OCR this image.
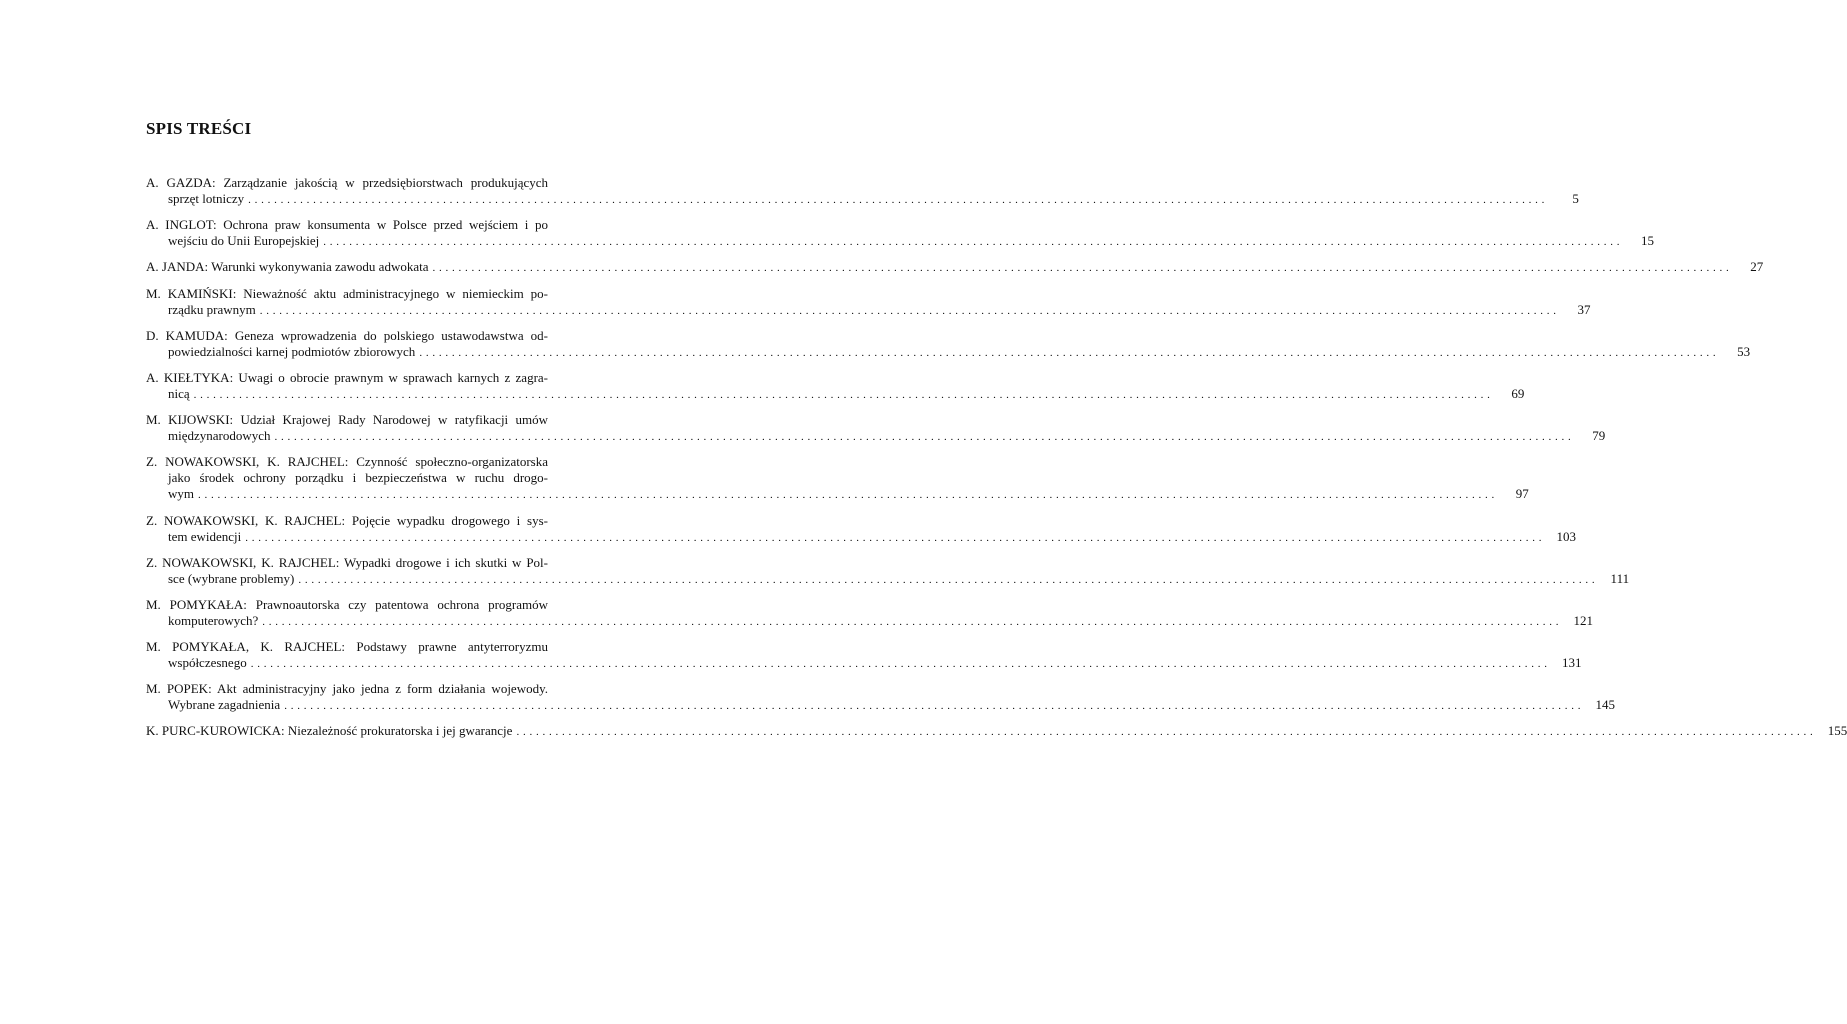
SPIS TREŚCI
A. GAZDA: Zarządzanie jakością w przedsiębiorstwach produkujących
sprzęt lotniczy . . . . . . . . . . . . . . . . . . . . . . . . . . . . . . . . . . . . . . . . . . . . . . . . . . . . . . . . . . . . . . . . . . . . . . . . . . . . . . . . . . . . . . . . . . . . . . . . . . . . . . . . . . . . . . . . . . . . . . . . . . . . . . . . . . . . . . . . . . . . . . . . . . . . . . . . . . . . . . . . . . . . . . . . . . . . . . . . . . . . . . . . . . . . . . . . . . . . . . . .	5
A. INGLOT: Ochrona praw konsumenta w Polsce przed wejściem i po
wejściu do Unii Europejskiej . . . . . . . . . . . . . . . . . . . . . . . . . . . . . . . . . . . . . . . . . . . . . . . . . . . . . . . . . . . . . . . . . . . . . . . . . . . . . . . . . . . . . . . . . . . . . . . . . . . . . . . . . . . . . . . . . . . . . . . . . . . . . . . . . . . . . . . . . . . . . . . . . . . . . . . . . . . . . . . . . . . . . . . . . . . . . . . . . . . . . . . . . . . . . . . . . . . . . . . .	15
A. JANDA: Warunki wykonywania zawodu adwokata . . . . . . . . . . . . . . . . . . . . . . . . . . . . . . . . . . . . . . . . . . . . . . . . . . . . . . . . . . . . . . . . . . . . . . . . . . . . . . . . . . . . . . . . . . . . . . . . . . . . . . . . . . . . . . . . . . . . . . . . . . . . . . . . . . . . . . . . . . . . . . . . . . . . . . . . . . . . . . . . . . . . . . . . . . . . . . . . . . . . . . . . . . . . . . . . . . . . . . . .	27
M. KAMIŃSKI: Nieważność aktu administracyjnego w niemieckim po-
rządku prawnym . . . . . . . . . . . . . . . . . . . . . . . . . . . . . . . . . . . . . . . . . . . . . . . . . . . . . . . . . . . . . . . . . . . . . . . . . . . . . . . . . . . . . . . . . . . . . . . . . . . . . . . . . . . . . . . . . . . . . . . . . . . . . . . . . . . . . . . . . . . . . . . . . . . . . . . . . . . . . . . . . . . . . . . . . . . . . . . . . . . . . . . . . . . . . . . . . . . . . . . .	37
D. KAMUDA: Geneza wprowadzenia do polskiego ustawodawstwa od-
powiedzialności karnej podmiotów zbiorowych . . . . . . . . . . . . . . . . . . . . . . . . . . . . . . . . . . . . . . . . . . . . . . . . . . . . . . . . . . . . . . . . . . . . . . . . . . . . . . . . . . . . . . . . . . . . . . . . . . . . . . . . . . . . . . . . . . . . . . . . . . . . . . . . . . . . . . . . . . . . . . . . . . . . . . . . . . . . . . . . . . . . . . . . . . . . . . . . . . . . . . . . . . . . . . . . . . . . . . . .	53
A. KIEŁTYKA: Uwagi o obrocie prawnym w sprawach karnych z zagra-
nicą . . . . . . . . . . . . . . . . . . . . . . . . . . . . . . . . . . . . . . . . . . . . . . . . . . . . . . . . . . . . . . . . . . . . . . . . . . . . . . . . . . . . . . . . . . . . . . . . . . . . . . . . . . . . . . . . . . . . . . . . . . . . . . . . . . . . . . . . . . . . . . . . . . . . . . . . . . . . . . . . . . . . . . . . . . . . . . . . . . . . . . . . . . . . . . . . . . . . . . . .	69
M. KIJOWSKI: Udział Krajowej Rady Narodowej w ratyfikacji umów
międzynarodowych . . . . . . . . . . . . . . . . . . . . . . . . . . . . . . . . . . . . . . . . . . . . . . . . . . . . . . . . . . . . . . . . . . . . . . . . . . . . . . . . . . . . . . . . . . . . . . . . . . . . . . . . . . . . . . . . . . . . . . . . . . . . . . . . . . . . . . . . . . . . . . . . . . . . . . . . . . . . . . . . . . . . . . . . . . . . . . . . . . . . . . . . . . . . . . . . . . . . . . . .	79
Z. NOWAKOWSKI, K. RAJCHEL: Czynność społeczno-organizatorska
jako środek ochrony porządku i bezpieczeństwa w ruchu drogo-
wym . . . . . . . . . . . . . . . . . . . . . . . . . . . . . . . . . . . . . . . . . . . . . . . . . . . . . . . . . . . . . . . . . . . . . . . . . . . . . . . . . . . . . . . . . . . . . . . . . . . . . . . . . . . . . . . . . . . . . . . . . . . . . . . . . . . . . . . . . . . . . . . . . . . . . . . . . . . . . . . . . . . . . . . . . . . . . . . . . . . . . . . . . . . . . . . . . . . . . . . .	97
Z. NOWAKOWSKI, K. RAJCHEL: Pojęcie wypadku drogowego i sys-
tem ewidencji . . . . . . . . . . . . . . . . . . . . . . . . . . . . . . . . . . . . . . . . . . . . . . . . . . . . . . . . . . . . . . . . . . . . . . . . . . . . . . . . . . . . . . . . . . . . . . . . . . . . . . . . . . . . . . . . . . . . . . . . . . . . . . . . . . . . . . . . . . . . . . . . . . . . . . . . . . . . . . . . . . . . . . . . . . . . . . . . . . . . . . . . . . . . . . . . . . . . . . . .	103
Z. NOWAKOWSKI, K. RAJCHEL: Wypadki drogowe i ich skutki w Pol-
sce (wybrane problemy) . . . . . . . . . . . . . . . . . . . . . . . . . . . . . . . . . . . . . . . . . . . . . . . . . . . . . . . . . . . . . . . . . . . . . . . . . . . . . . . . . . . . . . . . . . . . . . . . . . . . . . . . . . . . . . . . . . . . . . . . . . . . . . . . . . . . . . . . . . . . . . . . . . . . . . . . . . . . . . . . . . . . . . . . . . . . . . . . . . . . . . . . . . . . . . . . . . . . . . . .	111
M. POMYKAŁA: Prawnoautorska czy patentowa ochrona programów
komputerowych? . . . . . . . . . . . . . . . . . . . . . . . . . . . . . . . . . . . . . . . . . . . . . . . . . . . . . . . . . . . . . . . . . . . . . . . . . . . . . . . . . . . . . . . . . . . . . . . . . . . . . . . . . . . . . . . . . . . . . . . . . . . . . . . . . . . . . . . . . . . . . . . . . . . . . . . . . . . . . . . . . . . . . . . . . . . . . . . . . . . . . . . . . . . . . . . . . . . . . . . .	121
M. POMYKAŁA, K. RAJCHEL: Podstawy prawne antyterroryzmu
współczesnego . . . . . . . . . . . . . . . . . . . . . . . . . . . . . . . . . . . . . . . . . . . . . . . . . . . . . . . . . . . . . . . . . . . . . . . . . . . . . . . . . . . . . . . . . . . . . . . . . . . . . . . . . . . . . . . . . . . . . . . . . . . . . . . . . . . . . . . . . . . . . . . . . . . . . . . . . . . . . . . . . . . . . . . . . . . . . . . . . . . . . . . . . . . . . . . . . . . . . . . .	131
M. POPEK: Akt administracyjny jako jedna z form działania wojewody.
Wybrane zagadnienia . . . . . . . . . . . . . . . . . . . . . . . . . . . . . . . . . . . . . . . . . . . . . . . . . . . . . . . . . . . . . . . . . . . . . . . . . . . . . . . . . . . . . . . . . . . . . . . . . . . . . . . . . . . . . . . . . . . . . . . . . . . . . . . . . . . . . . . . . . . . . . . . . . . . . . . . . . . . . . . . . . . . . . . . . . . . . . . . . . . . . . . . . . . . . . . . . . . . . . . .	145
K. PURC-KUROWICKA: Niezależność prokuratorska i jej gwarancje . . . . . . . . . . . . . . . . . . . . . . . . . . . . . . . . . . . . . . . . . . . . . . . . . . . . . . . . . . . . . . . . . . . . . . . . . . . . . . . . . . . . . . . . . . . . . . . . . . . . . . . . . . . . . . . . . . . . . . . . . . . . . . . . . . . . . . . . . . . . . . . . . . . . . . . . . . . . . . . . . . . . . . . . . . . . . . . . . . . . . . . . . . . . . . . . . . . . . . . .	155
